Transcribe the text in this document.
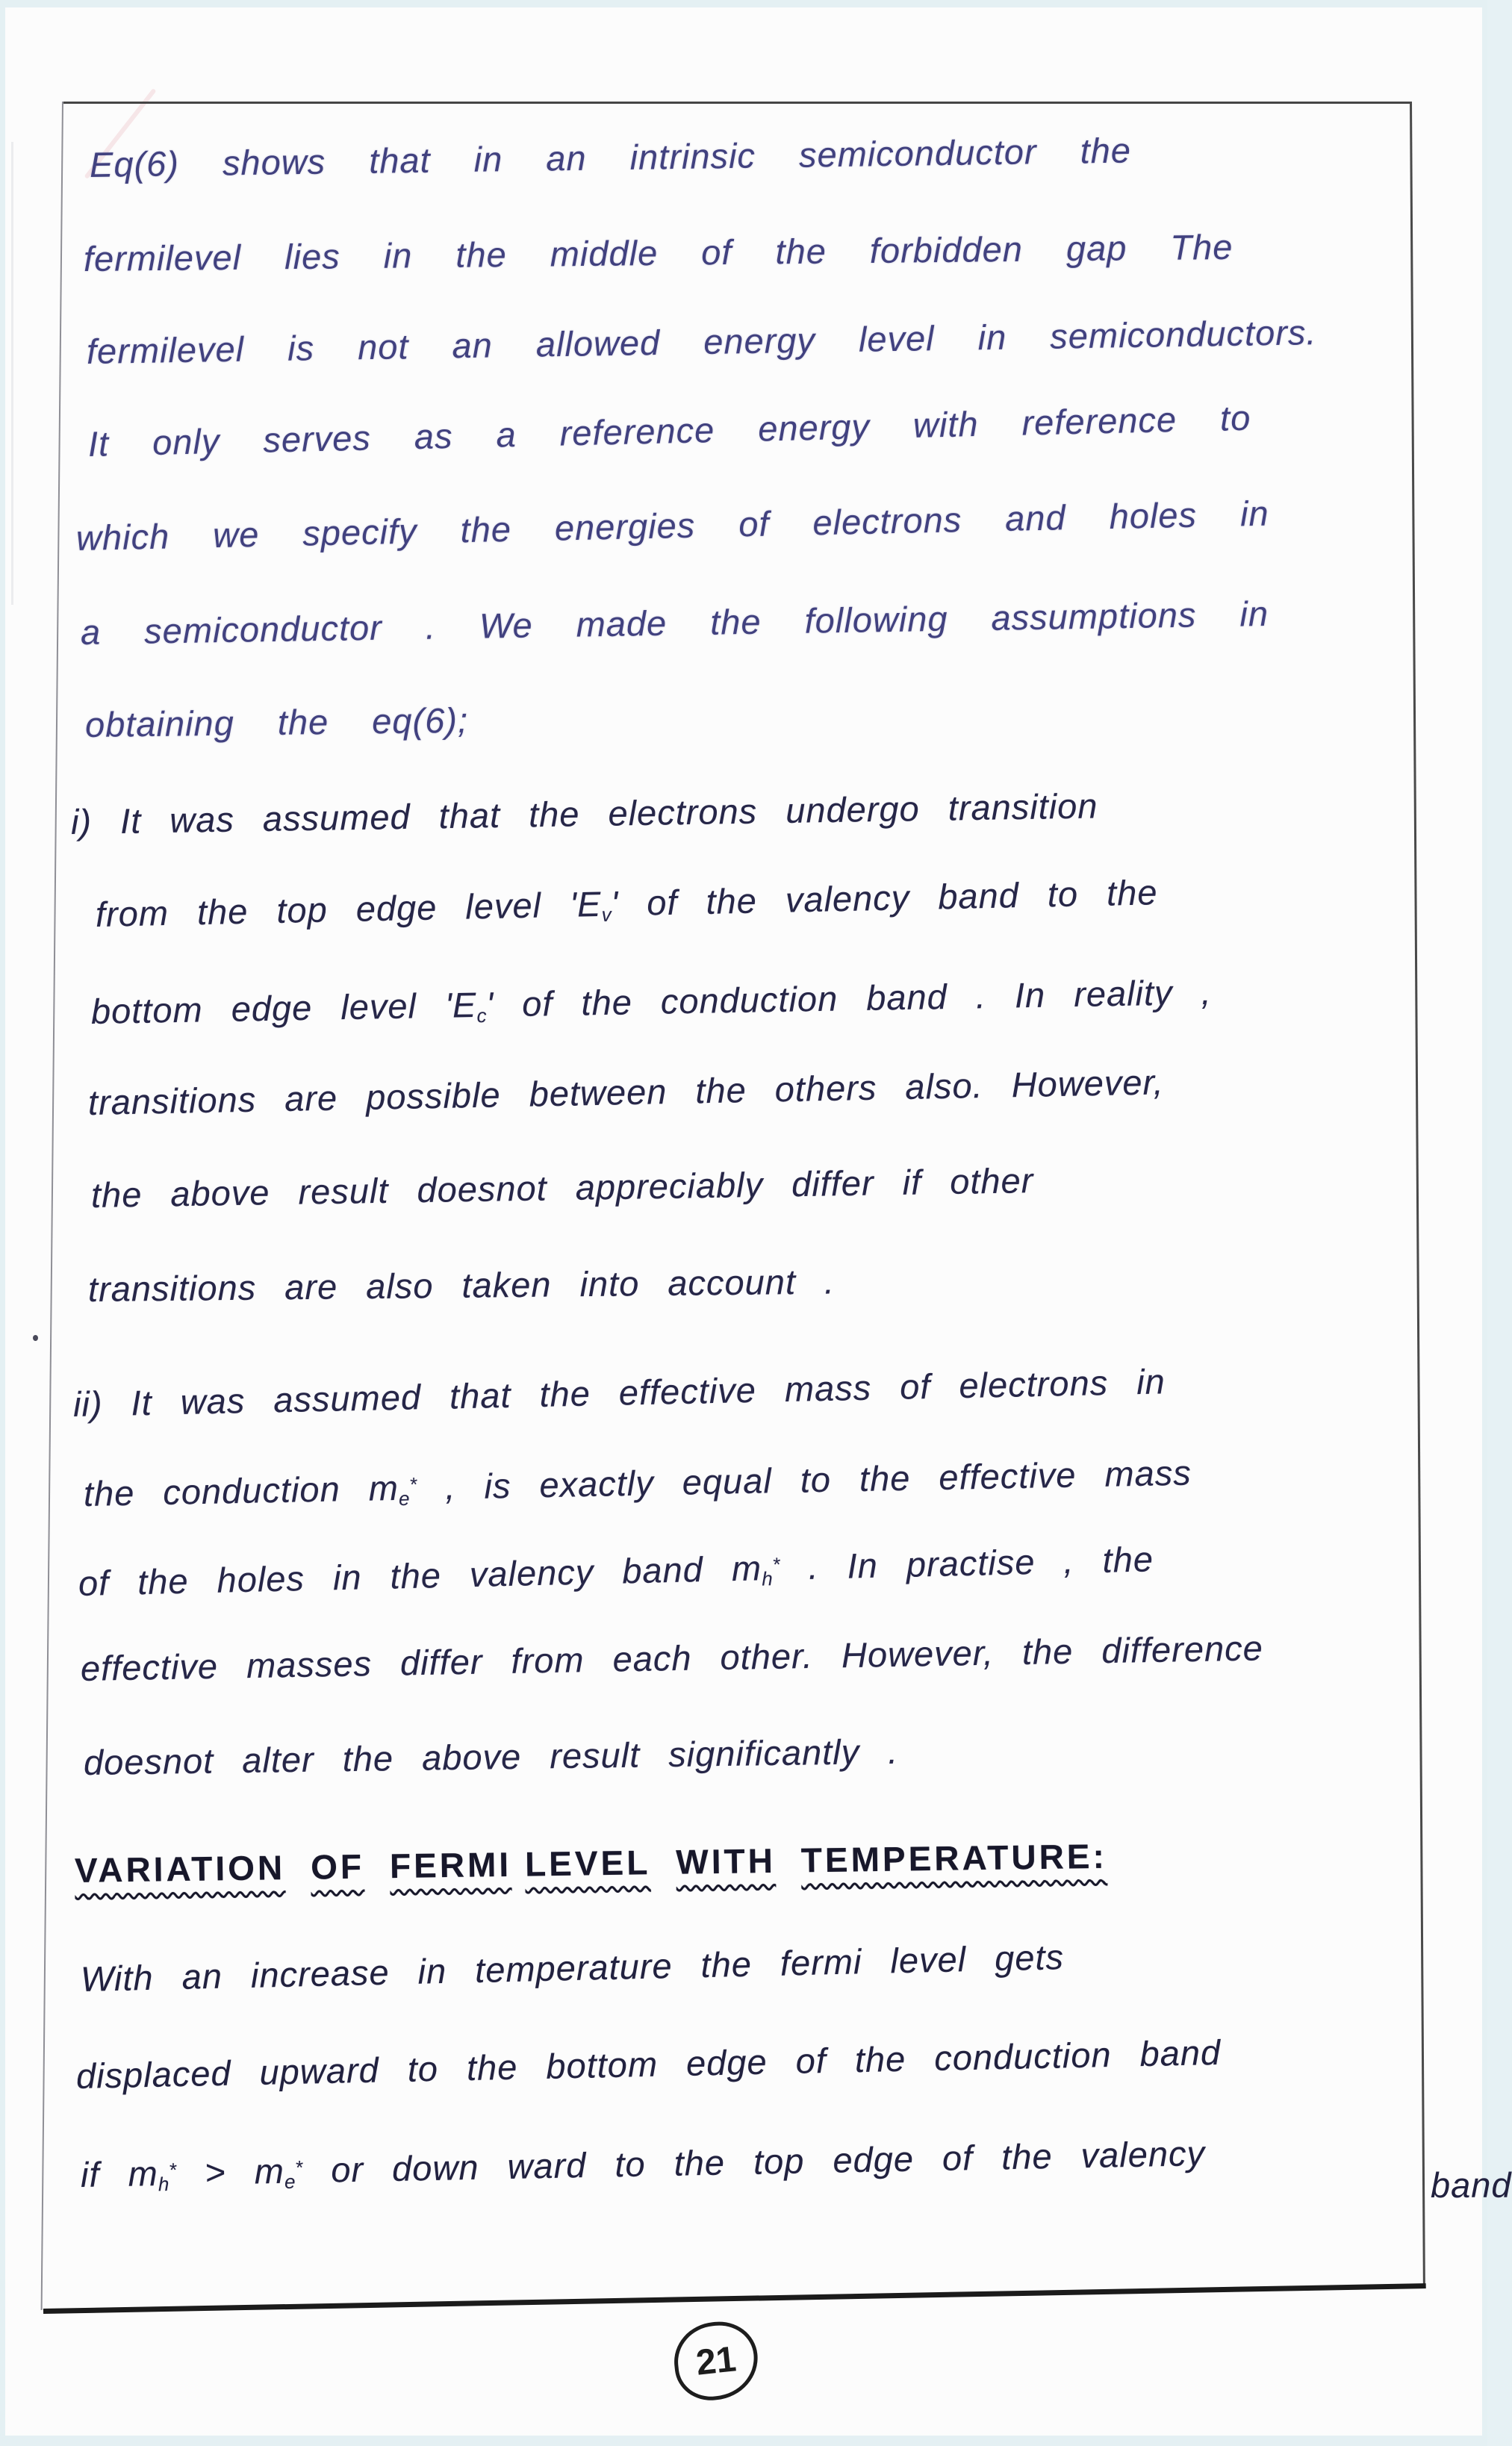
Eq(6) shows that in an intrinsic semiconductor the
fermilevel lies in the middle of the forbidden gap The
fermilevel is not an allowed energy level in semiconductors.
It only serves as a reference energy with reference to
which we specify the energies of electrons and holes in
a semiconductor . We made the following assumptions in
obtaining the eq(6);
i) It was assumed that the electrons undergo transition
from the top edge level '$E_v$' of the valency band to the
bottom edge level '$E_c$' of the conduction band . In reality ,
transitions are possible between the others also. However,
the above result doesnot appreciably differ if other
transitions are also taken into account .
ii) It was assumed that the effective mass of electrons in
the conduction $m_e^*$ , is exactly equal to the effective mass
of the holes in the valency band $m_h^*$ . In practise , the
effective masses differ from each other. However, the difference
doesnot alter the above result significantly .
VARIATION OF FERMI LEVEL WITH TEMPERATURE:
With an increase in temperature the fermi level gets
displaced upward to the bottom edge of the conduction band
if $m_h^* > m_e^*$ or down ward to the top edge of the valency	band
21
